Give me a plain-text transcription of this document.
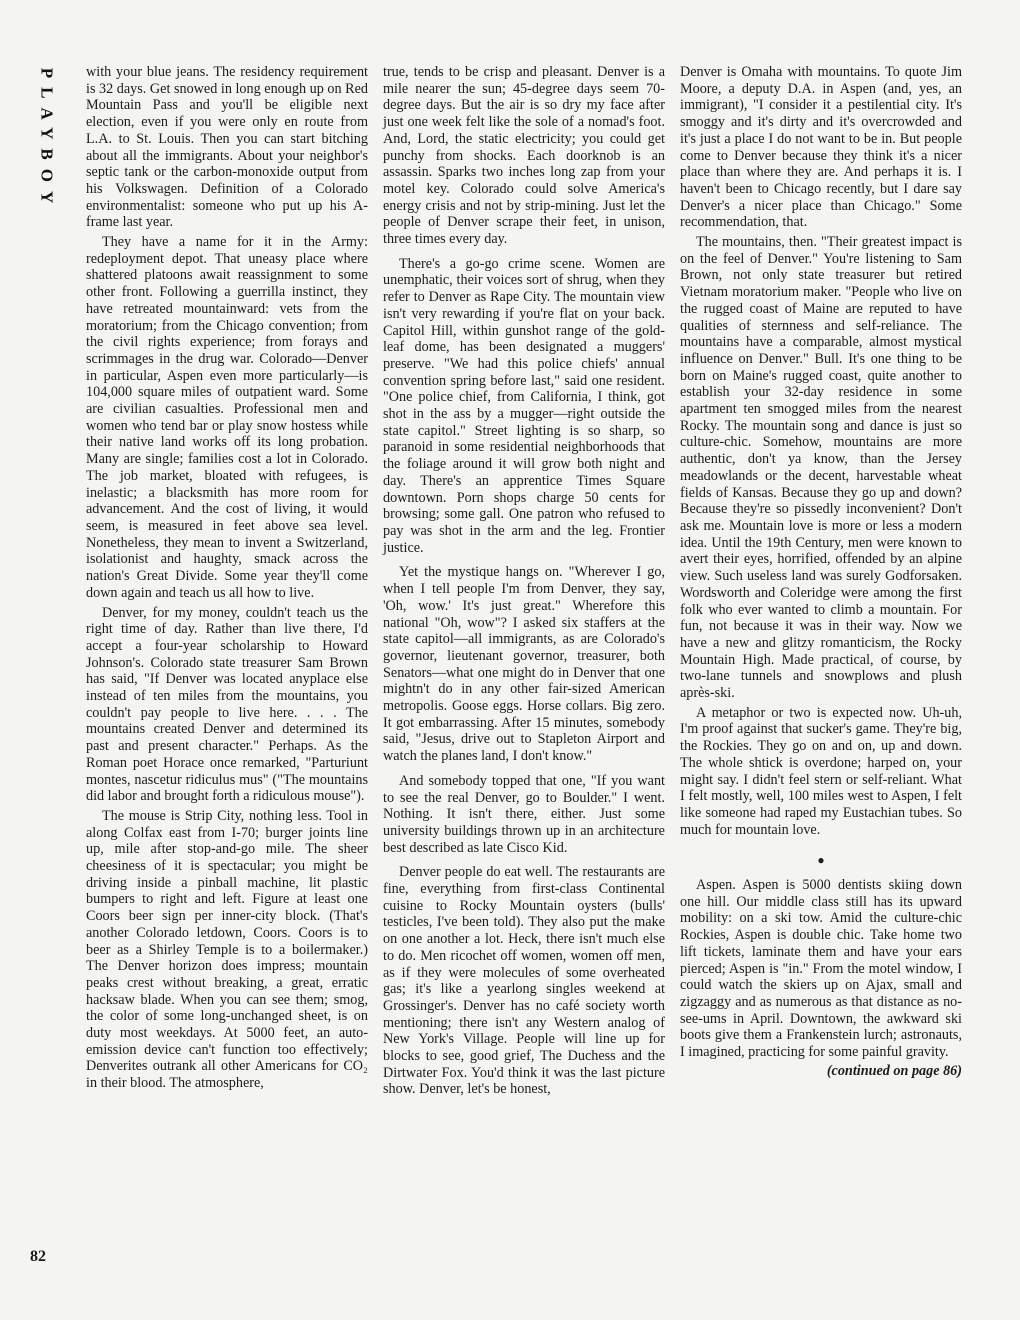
PLAYBOY with your blue jeans. The residency requirement is 32 days. Get snowed in long enough up on Red Mountain Pass and you'll be eligible next election, even if you were only en route from L.A. to St. Louis. Then you can start bitching about all the immigrants. About your neighbor's septic tank or the carbon-monoxide output from his Volkswagen. Definition of a Colorado environmentalist: someone who put up his A-frame last year.

They have a name for it in the Army: redeployment depot. That uneasy place where shattered platoons await reassignment to some other front. Following a guerrilla instinct, they have retreated mountainward: vets from the moratorium; from the Chicago convention; from the civil rights experience; from forays and scrimmages in the drug war. Colorado—Denver in particular, Aspen even more particularly—is 104,000 square miles of outpatient ward. Some are civilian casualties. Professional men and women who tend bar or play snow hostess while their native land works off its long probation. Many are single; families cost a lot in Colorado. The job market, bloated with refugees, is inelastic; a blacksmith has more room for advancement. And the cost of living, it would seem, is measured in feet above sea level. Nonetheless, they mean to invent a Switzerland, isolationist and haughty, smack across the nation's Great Divide. Some year they'll come down again and teach us all how to live.

Denver, for my money, couldn't teach us the right time of day. Rather than live there, I'd accept a four-year scholarship to Howard Johnson's. Colorado state treasurer Sam Brown has said, "If Denver was located anyplace else instead of ten miles from the mountains, you couldn't pay people to live here. . . . The mountains created Denver and determined its past and present character." Perhaps. As the Roman poet Horace once remarked, "Parturiunt montes, nascetur ridiculus mus" ("The mountains did labor and brought forth a ridiculous mouse").

The mouse is Strip City, nothing less. Tool in along Colfax east from I-70; burger joints line up, mile after stop-and-go mile. The sheer cheesiness of it is spectacular; you might be driving inside a pinball machine, lit plastic bumpers to right and left. Figure at least one Coors beer sign per inner-city block. (That's another Colorado letdown, Coors. Coors is to beer as a Shirley Temple is to a boilermaker.) The Denver horizon does impress; mountain peaks crest without breaking, a great, erratic hacksaw blade. When you can see them; smog, the color of some long-unchanged sheet, is on duty most weekdays. At 5000 feet, an auto-emission device can't function too effectively; Denverites outrank all other Americans for CO₂ in their blood. The atmosphere,

true, tends to be crisp and pleasant. Denver is a mile nearer the sun; 45-degree days seem 70-degree days. But the air is so dry my face after just one week felt like the sole of a nomad's foot. And, Lord, the static electricity; you could get punchy from shocks. Each doorknob is an assassin. Sparks two inches long zap from your motel key. Colorado could solve America's energy crisis and not by strip-mining. Just let the people of Denver scrape their feet, in unison, three times every day.

There's a go-go crime scene. Women are unemphatic, their voices sort of shrug, when they refer to Denver as Rape City. The mountain view isn't very rewarding if you're flat on your back. Capitol Hill, within gunshot range of the gold-leaf dome, has been designated a muggers' preserve. "We had this police chiefs' annual convention spring before last," said one resident. "One police chief, from California, I think, got shot in the ass by a mugger—right outside the state capitol." Street lighting is so sharp, so paranoid in some residential neighborhoods that the foliage around it will grow both night and day. There's an apprentice Times Square downtown. Porn shops charge 50 cents for browsing; some gall. One patron who refused to pay was shot in the arm and the leg. Frontier justice.

Yet the mystique hangs on. "Wherever I go, when I tell people I'm from Denver, they say, 'Oh, wow.' It's just great." Wherefore this national "Oh, wow"? I asked six staffers at the state capitol—all immigrants, as are Colorado's governor, lieutenant governor, treasurer, both Senators—what one might do in Denver that one mightn't do in any other fair-sized American metropolis. Goose eggs. Horse collars. Big zero. It got embarrassing. After 15 minutes, somebody said, "Jesus, drive out to Stapleton Airport and watch the planes land, I don't know."

And somebody topped that one, "If you want to see the real Denver, go to Boulder." I went. Nothing. It isn't there, either. Just some university buildings thrown up in an architecture best described as late Cisco Kid.

Denver people do eat well. The restaurants are fine, everything from first-class Continental cuisine to Rocky Mountain oysters (bulls' testicles, I've been told). They also put the make on one another a lot. Heck, there isn't much else to do. Men ricochet off women, women off men, as if they were molecules of some overheated gas; it's like a yearlong singles weekend at Grossinger's. Denver has no café society worth mentioning; there isn't any Western analog of New York's Village. People will line up for blocks to see, good grief, The Duchess and the Dirtwater Fox. You'd think it was the last picture show. Denver, let's be honest,

Denver is Omaha with mountains. To quote Jim Moore, a deputy D.A. in Aspen (and, yes, an immigrant), "I consider it a pestilential city. It's smoggy and it's dirty and it's overcrowded and it's just a place I do not want to be in. But people come to Denver because they think it's a nicer place than where they are. And perhaps it is. I haven't been to Chicago recently, but I dare say Denver's a nicer place than Chicago." Some recommendation, that.

The mountains, then. "Their greatest impact is on the feel of Denver." You're listening to Sam Brown, not only state treasurer but retired Vietnam moratorium maker. "People who live on the rugged coast of Maine are reputed to have qualities of sternness and self-reliance. The mountains have a comparable, almost mystical influence on Denver." Bull. It's one thing to be born on Maine's rugged coast, quite another to establish your 32-day residence in some apartment ten smogged miles from the nearest Rocky. The mountain song and dance is just so culture-chic. Somehow, mountains are more authentic, don't ya know, than the Jersey meadowlands or the decent, harvestable wheat fields of Kansas. Because they go up and down? Because they're so pissedly inconvenient? Don't ask me. Mountain love is more or less a modern idea. Until the 19th Century, men were known to avert their eyes, horrified, offended by an alpine view. Such useless land was surely Godforsaken. Wordsworth and Coleridge were among the first folk who ever wanted to climb a mountain. For fun, not because it was in their way. Now we have a new and glitzy romanticism, the Rocky Mountain High. Made practical, of course, by two-lane tunnels and snowplows and plush après-ski.

A metaphor or two is expected now. Uh-uh, I'm proof against that sucker's game. They're big, the Rockies. They go on and on, up and down. The whole shtick is overdone; harped on, your might say. I didn't feel stern or self-reliant. What I felt mostly, well, 100 miles west to Aspen, I felt like someone had raped my Eustachian tubes. So much for mountain love.

●

Aspen. Aspen is 5000 dentists skiing down one hill. Our middle class still has its upward mobility: on a ski tow. Amid the culture-chic Rockies, Aspen is double chic. Take home two lift tickets, laminate them and have your ears pierced; Aspen is "in." From the motel window, I could watch the skiers up on Ajax, small and zigzaggy and as numerous as that distance as no-see-ums in April. Downtown, the awkward ski boots give them a Frankenstein lurch; astronauts, I imagined, practicing for some painful gravity.

(continued on page 86)
82
